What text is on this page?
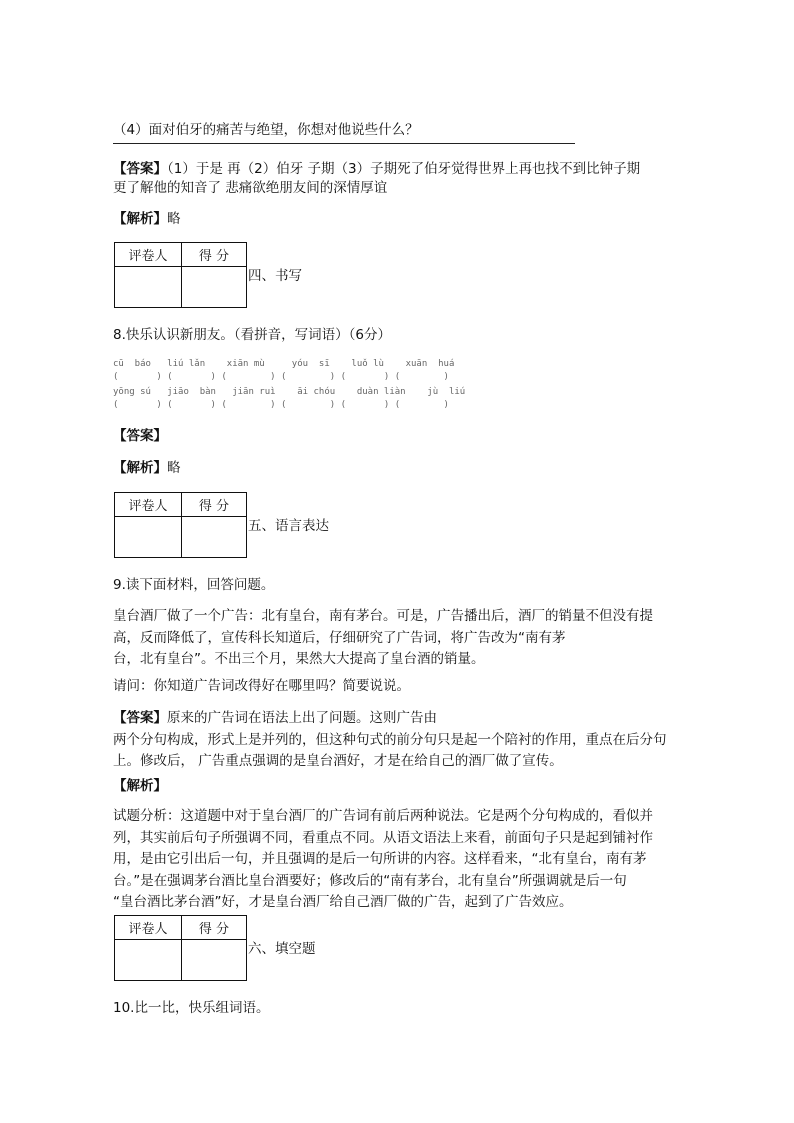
（4）面对伯牙的痛苦与绝望，你想对他说些什么？
【答案】（1）于是 再（2）伯牙 子期（3）子期死了伯牙觉得世界上再也找不到比钟子期
更了解他的知音了 悲痛欲绝朋友间的深情厚谊
【解析】略
评卷人	得 分

四、书写
8.快乐认识新朋友。（看拼音，写词语）（6分）
cū  báo   liú lǎn    xiān mù     yóu  sī    luǒ lù    xuān  huá
(       ) (       ) (        ) (        ) (       ) (        )
yōng sú   jiāo  bàn   jiān ruì    āi chóu    duàn liàn    jù  liú
(       ) (       ) (        ) (        ) (       ) (        )
【答案】
【解析】略
评卷人	得 分

五、语言表达
9.读下面材料，回答问题。
皇台酒厂做了一个广告：北有皇台，南有茅台。可是，广告播出后，酒厂的销量不但没有提
高，反而降低了，宣传科长知道后，仔细研究了广告词，将广告改为“南有茅
台，北有皇台”。不出三个月，果然大大提高了皇台酒的销量。
请问：你知道广告词改得好在哪里吗？简要说说。
【答案】原来的广告词在语法上出了问题。这则广告由
两个分句构成，形式上是并列的，但这种句式的前分句只是起一个陪衬的作用，重点在后分句
上。修改后， 广告重点强调的是皇台酒好，才是在给自己的酒厂做了宣传。
【解析】
试题分析：这道题中对于皇台酒厂的广告词有前后两种说法。它是两个分句构成的，看似并
列，其实前后句子所强调不同，看重点不同。从语文语法上来看，前面句子只是起到铺衬作
用，是由它引出后一句，并且强调的是后一句所讲的内容。这样看来，“北有皇台，南有茅
台。”是在强调茅台酒比皇台酒要好；修改后的“南有茅台，北有皇台”所强调就是后一句
“皇台酒比茅台酒”好，才是皇台酒厂给自己酒厂做的广告，起到了广告效应。
评卷人	得 分

六、填空题
10.比一比，快乐组词语。
